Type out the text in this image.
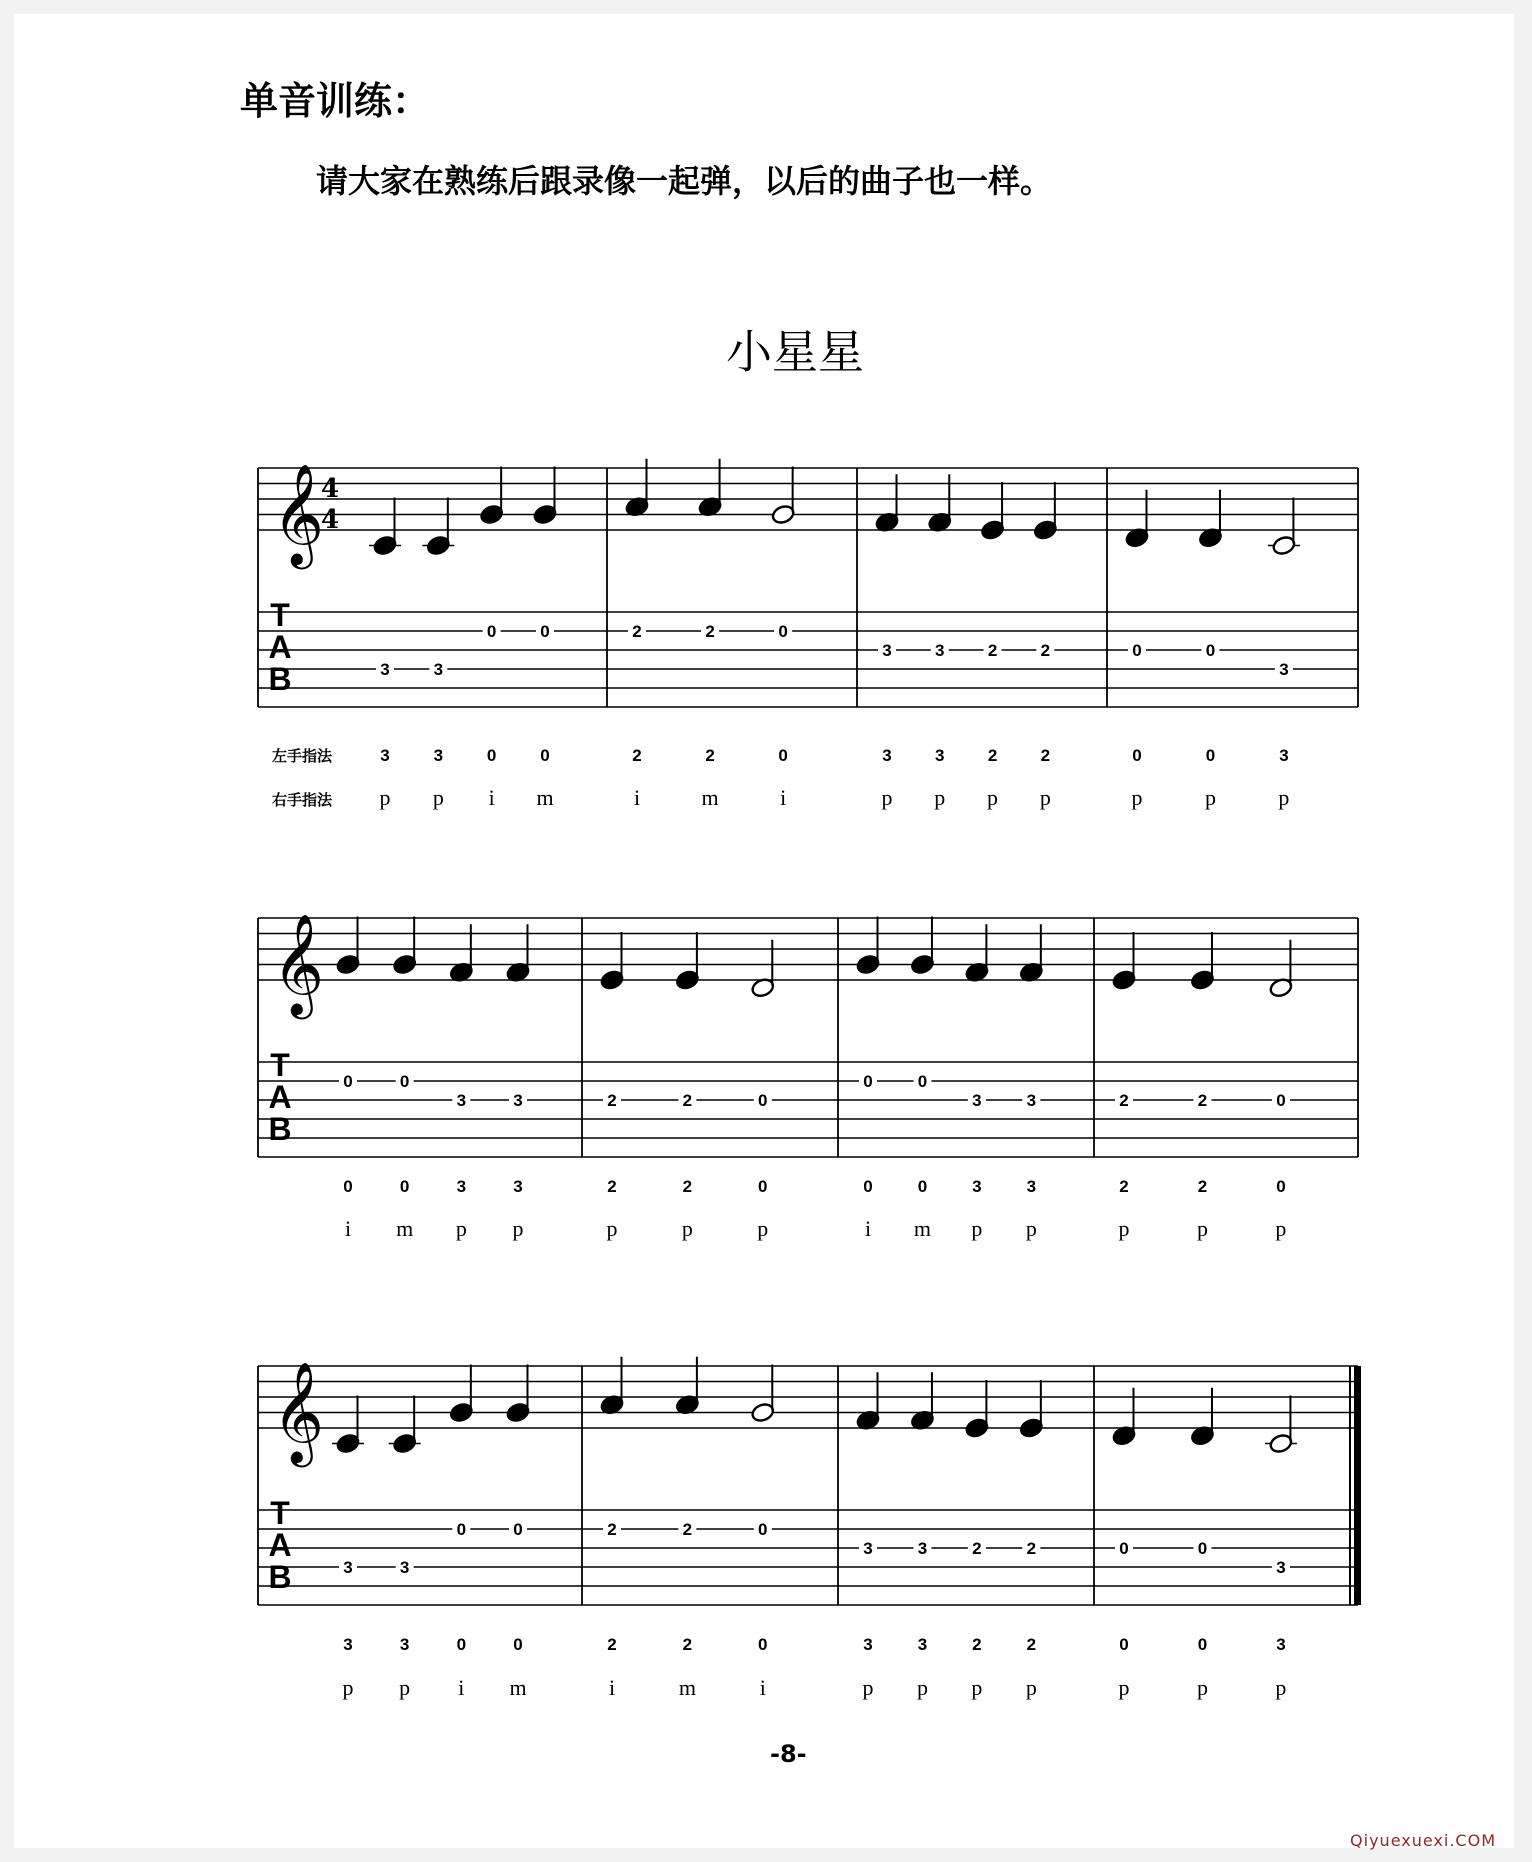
单音训练：

请大家在熟练后跟录像一起弹，以后的曲子也一样。

小星星
𝄞
4
4
T
A
B
左手指法
右手指法
3
3
p
3
3
p
0
0
i
0
0
m
2
2
i
2
2
m
0
0
i
3
3
p
3
3
p
2
2
p
2
2
p
0
0
p
0
0
p
3
3
p
𝄞
T
A
B
0
0
i
0
0
m
3
3
p
3
3
p
2
2
p
2
2
p
0
0
p
0
0
i
0
0
m
3
3
p
3
3
p
2
2
p
2
2
p
0
0
p
𝄞
T
A
B	3
3
p
3
3
p
0
0
i
0
0
m
2
2
i
2
2
m
0
0
i
3
3
p
3
3
p
2
2
p
2
2
p
0
0
p
0
0
p
3
3
p
-8-
Qiyuexuexi.COM
